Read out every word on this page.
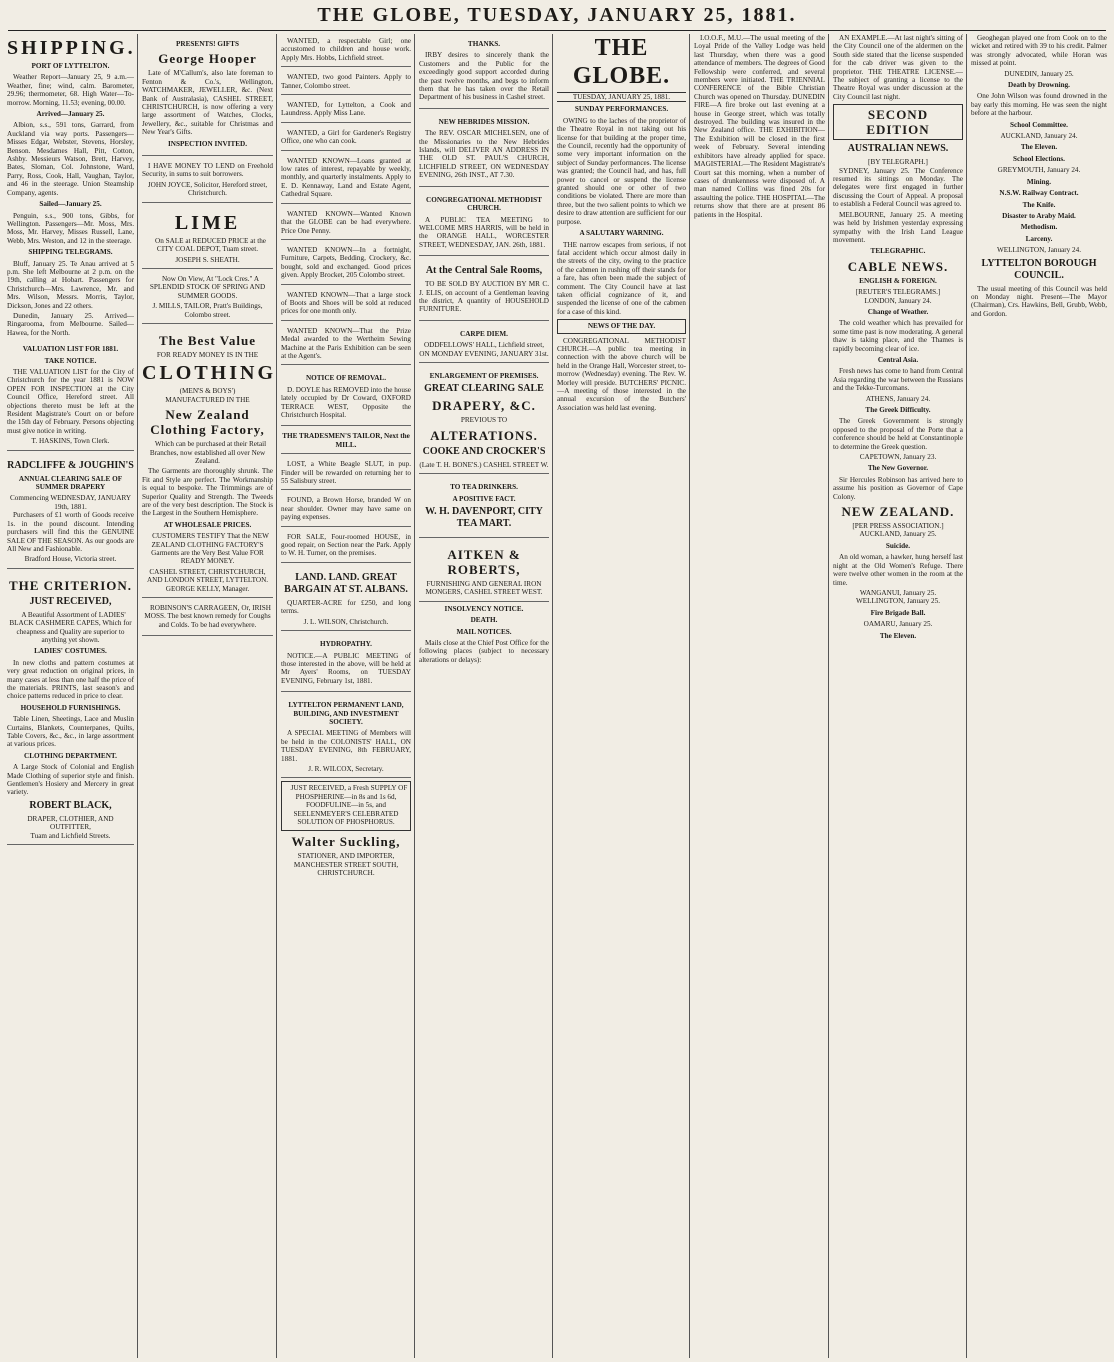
THE GLOBE, TUESDAY, JANUARY 25, 1881.
SHIPPING.
PORT OF LYTTELTON.

Weather Report—January 25, 9 a.m.—Weather, fine; wind, calm. Barometer, 29.96; thermometer, 68. High Water—To-morrow. Morning, 11.53; evening, 00.00.

Arrived—January 25.

Albion, s.s., 591 tons, Garrard, from Auckland via way ports. Passengers—Misses Edgar, Webster, Stevens, Horsley, Benson. Mesdames Hall, Pitt, Cotton, Ashby. Messieurs Watson, Brett, Harvey, Bates, Sloman, Col. Johnstone, Ward, Parry, Ross, Cook, Hall, Vaughan, Taylor, and 46 in the steerage. Union Steamship Company, agents.

Sailed—January 25.

Penguin, s.s., 900 tons, Gibbs, for Wellington. Passengers—Mr. Moss, Mrs. Moss, Mr. Harvey, Misses Russell, Lane, Webb, Mrs. Weston, and 12 in the steerage.

SHIPPING TELEGRAMS.

Bluff, January 25. Te Anau arrived at 5 p.m. She left Melbourne at 2 p.m. on the 19th, calling at Hobart. Passengers for Christchurch—Mrs. Lawrence, Mr. and Mrs. Wilson, Messrs. Morris, Taylor, Dickson, Jones and 22 others.

Dunedin, January 25. Arrived—Ringarooma, from Melbourne. Sailed—Hawea, for the North.

VALUATION LIST FOR 1881.
TAKE NOTICE.

THE VALUATION LIST for the City of Christchurch for the year 1881 is NOW OPEN FOR INSPECTION at the City Council Office, Hereford street. All objections thereto must be left at the Resident Magistrate's Court on or before the 15th day of February. Persons objecting must give notice in writing.

T. HASKINS, Town Clerk.
RADCLIFFE & JOUGHIN'S
ANNUAL CLEARING SALE OF SUMMER DRAPERY
Commencing WEDNESDAY, JANUARY 19th, 1881.

Purchasers of £1 worth of Goods receive 1s. in the pound discount. Intending purchasers will find this the GENUINE SALE OF THE SEASON. As our goods are All New and Fashionable.

Bradford House, Victoria street.
THE CRITERION.
JUST RECEIVED,

A Beautiful Assortment of LADIES' BLACK CASHMERE CAPES, Which for cheapness and Quality are superior to anything yet shown.

LADIES' COSTUMES.

In new cloths and pattern costumes at very great reduction on original prices, in many cases at less than one half the price of the materials. PRINTS, last season's and choice patterns reduced in price to clear.

HOUSEHOLD FURNISHINGS.

Table Linen, Sheetings, Lace and Muslin Curtains, Blankets, Counterpanes, Quilts, Table Covers, &c., &c., in large assortment at various prices.

CLOTHING DEPARTMENT.

A Large Stock of Colonial and English Made Clothing of superior style and finish. Gentlemen's Hosiery and Mercery in great variety.

ROBERT BLACK,
DRAPER, CLOTHIER, AND OUTFITTER,
Tuam and Lichfield Streets.
PRESENTS! GIFTS
George Hooper

Late of M'Callum's, also late foreman to Fenton & Co.'s, Wellington, WATCHMAKER, JEWELLER, &c. (Next Bank of Australasia), CASHEL STREET, CHRISTCHURCH, is now offering a very large assortment of Watches, Clocks, Jewellery, &c., suitable for Christmas and New Year's Gifts.

INSPECTION INVITED.

I HAVE MONEY TO LEND on Freehold Security, in sums to suit borrowers.

JOHN JOYCE, Solicitor, Hereford street, Christchurch.
LIME

On SALE at REDUCED PRICE at the CITY COAL DEPOT, Tuam street.

JOSEPH S. SHEATH.

Now On View, At "Lock Cres." A SPLENDID STOCK OF SPRING AND SUMMER GOODS.

J. MILLS, TAILOR, Pratt's Buildings, Colombo street.
The Best Value
FOR READY MONEY IS IN THE
CLOTHING
(MEN'S & BOYS')
MANUFACTURED IN THE
New Zealand Clothing Factory,

Which can be purchased at their Retail Branches, now established all over New Zealand.

The Garments are thoroughly shrunk. The Fit and Style are perfect. The Workmanship is equal to bespoke. The Trimmings are of Superior Quality and Strength. The Tweeds are of the very best description. The Stock is the Largest in the Southern Hemisphere.

AT WHOLESALE PRICES.

CUSTOMERS TESTIFY That the NEW ZEALAND CLOTHING FACTORY'S Garments are the Very Best Value FOR READY MONEY.

CASHEL STREET, CHRISTCHURCH, AND LONDON STREET, LYTTELTON.
GEORGE KELLY, Manager.

ROBINSON'S CARRAGEEN, Or, IRISH MOSS. The best known remedy for Coughs and Colds. To be had everywhere.

WANTED, a respectable Girl; one accustomed to children and house work. Apply Mrs. Hobbs, Lichfield street.

WANTED, two good Painters. Apply to Tanner, Colombo street.

WANTED, for Lyttelton, a Cook and Laundress. Apply Miss Lane.

WANTED, a Girl for Gardener's Registry Office, one who can cook.

WANTED KNOWN—Loans granted at low rates of interest, repayable by weekly, monthly, and quarterly instalments. Apply to E. D. Kennaway, Land and Estate Agent, Cathedral Square.

WANTED KNOWN—Wanted Known that the GLOBE can be had everywhere. Price One Penny.

WANTED KNOWN—In a fortnight, Furniture, Carpets, Bedding, Crockery, &c. bought, sold and exchanged. Good prices given. Apply Brocket, 205 Colombo street.

WANTED KNOWN—That a large stock of Boots and Shoes will be sold at reduced prices for one month only.

WANTED KNOWN—That the Prize Medal awarded to the Wertheim Sewing Machine at the Paris Exhibition can be seen at the Agent's.

NOTICE OF REMOVAL.

D. DOYLE has REMOVED into the house lately occupied by Dr Coward, OXFORD TERRACE WEST, Opposite the Christchurch Hospital.

THE TRADESMEN'S TAILOR, Next the MILL.

LOST, a White Beagle SLUT, in pup. Finder will be rewarded on returning her to 55 Salisbury street.

FOUND, a Brown Horse, branded W on near shoulder. Owner may have same on paying expenses.

FOR SALE, Four-roomed HOUSE, in good repair, on Section near the Park. Apply to W. H. Turner, on the premises.

LAND. LAND. GREAT BARGAIN AT ST. ALBANS.

QUARTER-ACRE for £250, and long terms.

J. L. WILSON, Christchurch.
HYDROPATHY.

NOTICE.—A PUBLIC MEETING of those interested in the above, will be held at Mr Ayers' Rooms, on TUESDAY EVENING, February 1st, 1881.

LYTTELTON PERMANENT LAND, BUILDING, AND INVESTMENT SOCIETY.

A SPECIAL MEETING of Members will be held in the COLONISTS' HALL, ON TUESDAY EVENING, 8th FEBRUARY, 1881.

J. R. WILCOX, Secretary.

JUST RECEIVED, a Fresh SUPPLY OF PHOSPHERINE—in 8s and 1s 6d, FOODFULINE—in 5s, and SEELENMEYER'S CELEBRATED SOLUTION OF PHOSPHORUS.

Walter Suckling,
STATIONER, AND IMPORTER, MANCHESTER STREET SOUTH, CHRISTCHURCH.
THANKS.

IRBY desires to sincerely thank the Customers and the Public for the exceedingly good support accorded during the past twelve months, and begs to inform them that he has taken over the Retail Department of his business in Cashel street.

NEW HEBRIDES MISSION.

The REV. OSCAR MICHELSEN, one of the Missionaries to the New Hebrides Islands, will DELIVER AN ADDRESS IN THE OLD ST. PAUL'S CHURCH, LICHFIELD STREET, ON WEDNESDAY EVENING, 26th INST., AT 7.30.

CONGREGATIONAL METHODIST CHURCH.

A PUBLIC TEA MEETING to WELCOME MRS HARRIS, will be held in the ORANGE HALL, WORCESTER STREET, WEDNESDAY, JAN. 26th, 1881.

At the Central Sale Rooms,

TO BE SOLD BY AUCTION BY MR C. J. ELIS, on account of a Gentleman leaving the district, A quantity of HOUSEHOLD FURNITURE.

CARPE DIEM.
ODDFELLOWS' HALL, Lichfield street, ON MONDAY EVENING, JANUARY 31st.
ENLARGEMENT OF PREMISES.
GREAT CLEARING SALE
DRAPERY, &C.
PREVIOUS TO
ALTERATIONS.
COOKE AND CROCKER'S
(Late T. H. BONE'S.) CASHEL STREET W.
TO TEA DRINKERS.
A POSITIVE FACT.
W. H. DAVENPORT, CITY TEA MART.
AITKEN & ROBERTS,
FURNISHING AND GENERAL IRON MONGERS, CASHEL STREET WEST.
INSOLVENCY NOTICE.
DEATH.
MAIL NOTICES.

Mails close at the Chief Post Office for the following places (subject to necessary alterations or delays):

THE GLOBE.
TUESDAY, JANUARY 25, 1881.
SUNDAY PERFORMANCES.

OWING to the laches of the proprietor of the Theatre Royal in not taking out his license for that building at the proper time, the Council, recently had the opportunity of some very important information on the subject of Sunday performances. The license was granted; the Council had, and has, full power to cancel or suspend the license granted should one or other of two conditions be violated. There are more than three, but the two salient points to which we desire to draw attention are sufficient for our purpose.

A SALUTARY WARNING.

THE narrow escapes from serious, if not fatal accident which occur almost daily in the streets of the city, owing to the practice of the cabmen in rushing off their stands for a fare, has often been made the subject of comment. The City Council have at last taken official cognizance of it, and suspended the license of one of the cabmen for a case of this kind.

NEWS OF THE DAY.

CONGREGATIONAL METHODIST CHURCH.—A public tea meeting in connection with the above church will be held in the Orange Hall, Worcester street, to-morrow (Wednesday) evening. The Rev. W. Morley will preside. BUTCHERS' PICNIC.—A meeting of those interested in the annual excursion of the Butchers' Association was held last evening.

I.O.O.F., M.U.—The usual meeting of the Loyal Pride of the Valley Lodge was held last Thursday, when there was a good attendance of members. The degrees of Good Fellowship were conferred, and several members were initiated. THE TRIENNIAL CONFERENCE of the Bible Christian Church was opened on Thursday. DUNEDIN FIRE—A fire broke out last evening at a house in George street, which was totally destroyed. The building was insured in the New Zealand office. THE EXHIBITION—The Exhibition will be closed in the first week of February. Several intending exhibitors have already applied for space. MAGISTERIAL—The Resident Magistrate's Court sat this morning, when a number of cases of drunkenness were disposed of. A man named Collins was fined 20s for assaulting the police. THE HOSPITAL—The returns show that there are at present 86 patients in the Hospital.

AN EXAMPLE.—At last night's sitting of the City Council one of the aldermen on the South side stated that the license suspended for the cab driver was given to the proprietor. THE THEATRE LICENSE.—The subject of granting a license to the Theatre Royal was under discussion at the City Council last night.

SECOND EDITION
AUSTRALIAN NEWS.
[BY TELEGRAPH.]

SYDNEY, January 25. The Conference resumed its sittings on Monday. The delegates were first engaged in further discussing the Court of Appeal. A proposal to establish a Federal Council was agreed to.

MELBOURNE, January 25. A meeting was held by Irishmen yesterday expressing sympathy with the Irish Land League movement.

TELEGRAPHIC.
CABLE NEWS.
ENGLISH & FOREIGN.
[REUTER'S TELEGRAMS.]
LONDON, January 24.
Change of Weather.

The cold weather which has prevailed for some time past is now moderating. A general thaw is taking place, and the Thames is rapidly becoming clear of ice.

Central Asia.

Fresh news has come to hand from Central Asia regarding the war between the Russians and the Tekke-Turcomans.

ATHENS, January 24.
The Greek Difficulty.

The Greek Government is strongly opposed to the proposal of the Porte that a conference should be held at Constantinople to determine the Greek question.

CAPETOWN, January 23.
The New Governor.

Sir Hercules Robinson has arrived here to assume his position as Governor of Cape Colony.

NEW ZEALAND.
[PER PRESS ASSOCIATION.]
AUCKLAND, January 25.
Suicide.

An old woman, a hawker, hung herself last night at the Old Women's Refuge. There were twelve other women in the room at the time.

WANGANUI, January 25.
WELLINGTON, January 25.
Fire Brigade Ball.
OAMARU, January 25.
The Eleven.

Geoghegan played one from Cook on to the wicket and retired with 39 to his credit. Palmer was strongly advocated, while Horan was missed at point.

DUNEDIN, January 25.
Death by Drowning.

One John Wilson was found drowned in the bay early this morning. He was seen the night before at the harbour.

School Committee.
AUCKLAND, January 24.
The Eleven.
School Elections.
GREYMOUTH, January 24.
Mining.
N.S.W. Railway Contract.
The Knife.
Disaster to Araby Maid.
Methodism.
Larceny.
WELLINGTON, January 24.
LYTTELTON BOROUGH COUNCIL.

The usual meeting of this Council was held on Monday night. Present—The Mayor (Chairman), Crs. Hawkins, Bell, Grubb, Webb, and Gordon.
